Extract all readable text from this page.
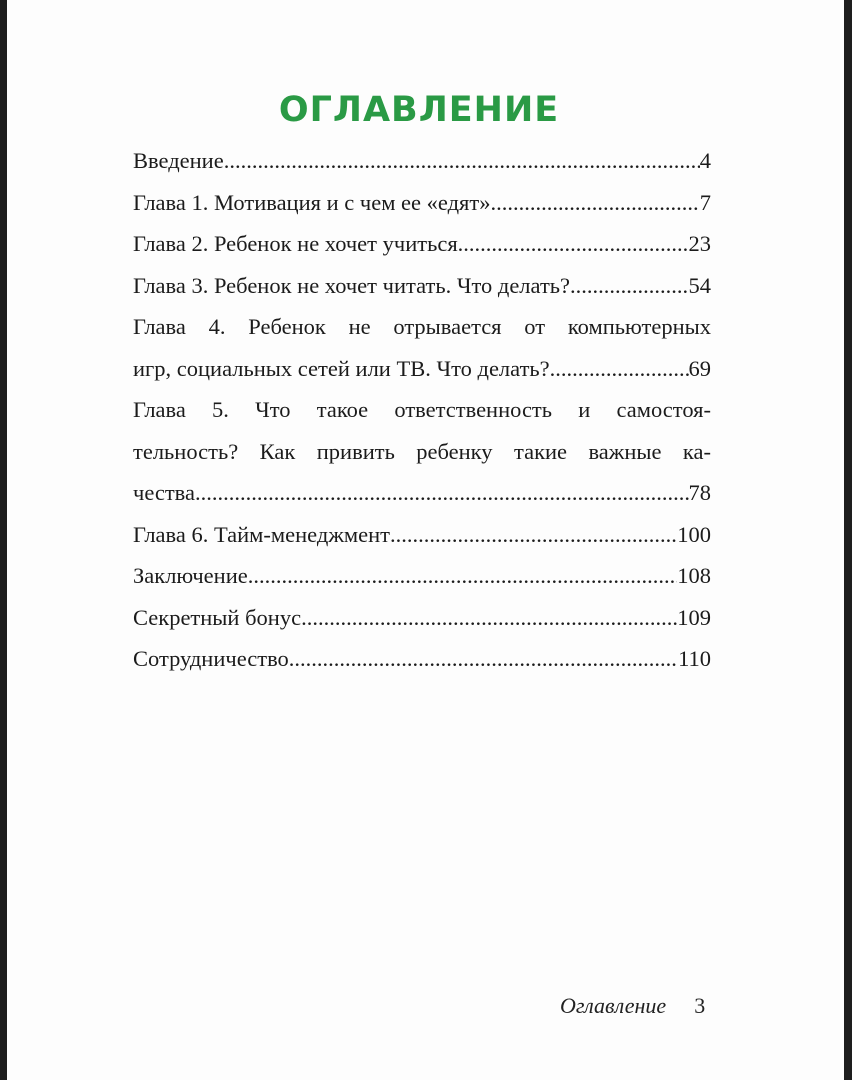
ОГЛАВЛЕНИЕ
Введение .....	4
Глава 1. Мотивация и с чем ее «едят» .....	7
Глава 2. Ребенок не хочет учиться .....	23
Глава 3. Ребенок не хочет читать. Что делать? .....	54
Глава 4. Ребенок не отрывается от компьютерных
игр, социальных сетей или ТВ. Что делать? .....	69
Глава 5. Что такое ответственность и самостоя-
тельность? Как привить ребенку такие важные ка-
чества .....	78
Глава 6. Тайм-менеджмент .....	100
Заключение .....	108
Секретный бонус .....	109
Сотрудничество .....	110
Оглавление 3
